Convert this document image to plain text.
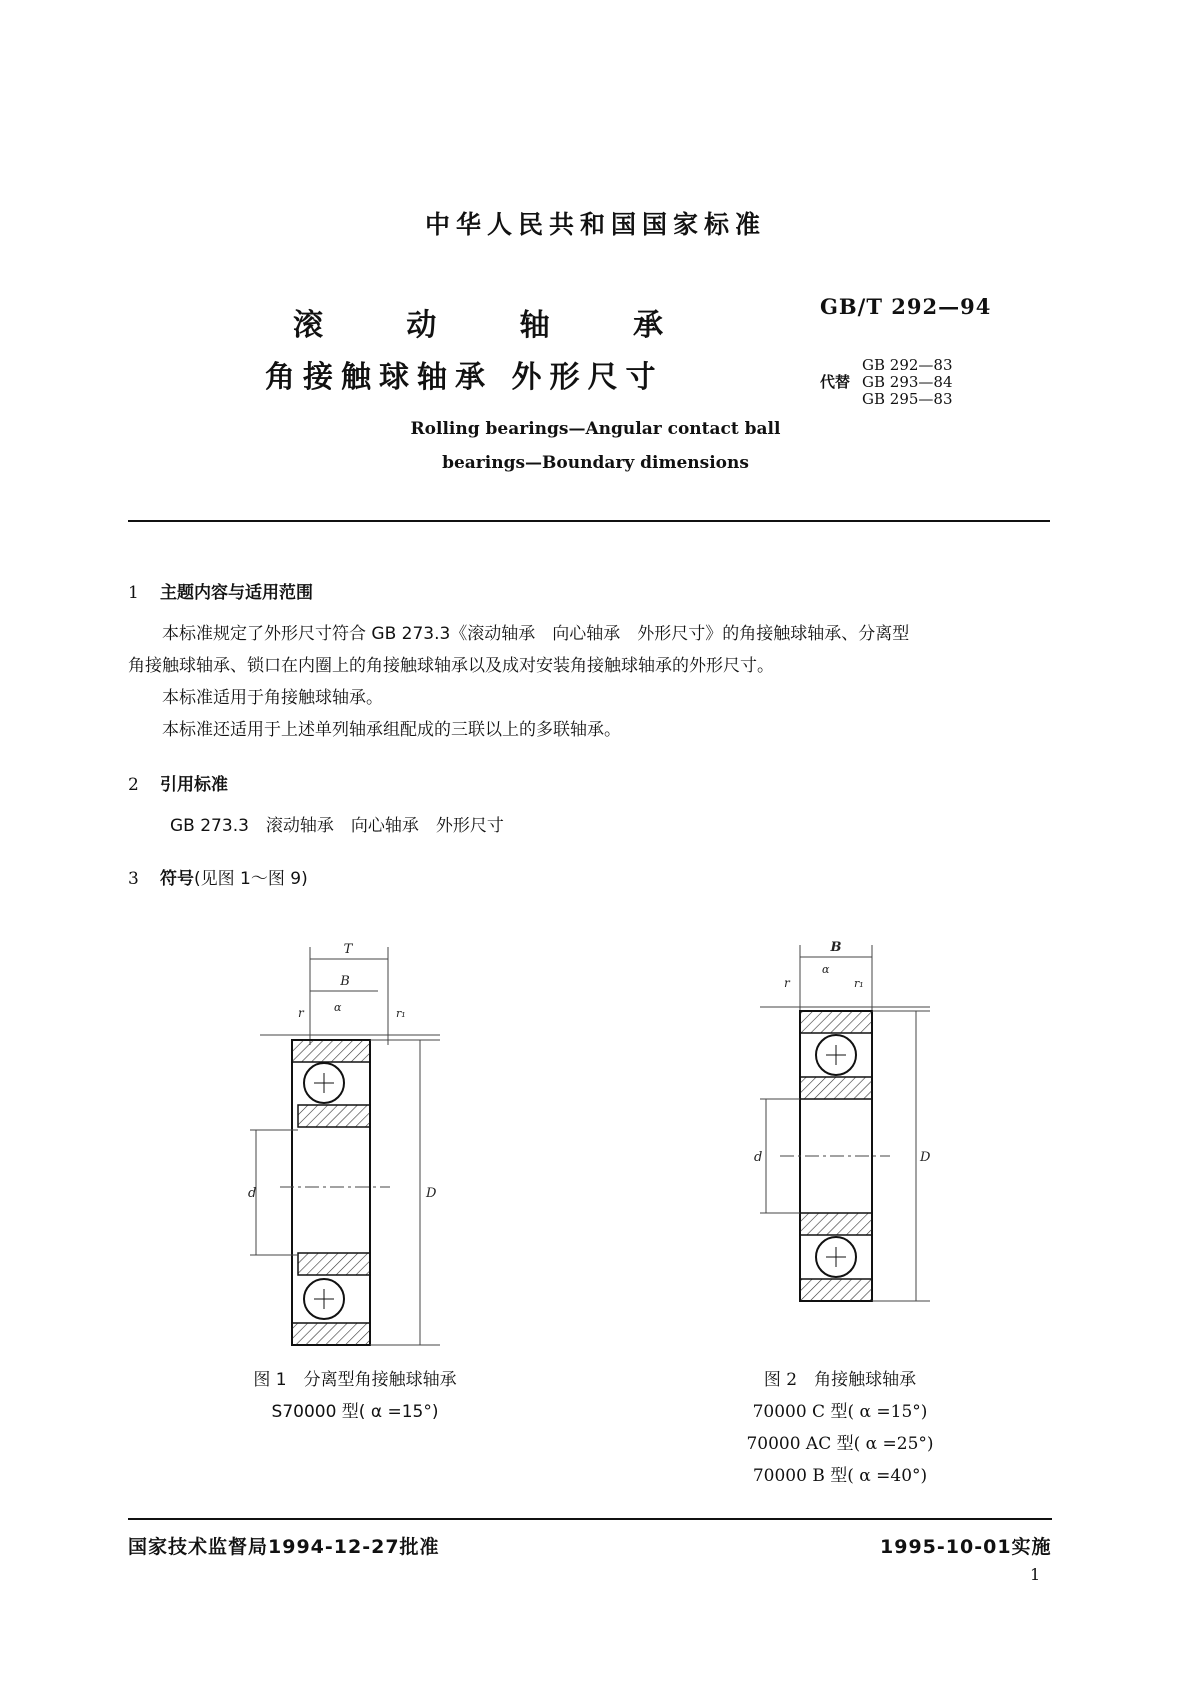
中华人民共和国国家标准
滚	动	轴	承
角接触球轴承 外形尺寸
GB/T 292—94
GB 292—83
代替 GB 293—84
GB 295—83
Rolling bearings—Angular contact ball
bearings—Boundary dimensions
1 主题内容与适用范围
本标准规定了外形尺寸符合 GB 273.3《滚动轴承　向心轴承　外形尺寸》的角接触球轴承、分离型
角接触球轴承、锁口在内圈上的角接触球轴承以及成对安装角接触球轴承的外形尺寸。
本标准适用于角接触球轴承。
本标准还适用于上述单列轴承组配成的三联以上的多联轴承。
2 引用标准
GB 273.3　滚动轴承　向心轴承　外形尺寸
3 符号(见图 1～图 9)
T
B
r	α	r₁
d	D
图 1　分离型角接触球轴承
S70000 型( α =15°)
B
r
α
r₁
d	D
图 2　角接触球轴承
70000 C 型( α =15°)
70000 AC 型( α =25°)
70000 B 型( α =40°)
国家技术监督局1994-12-27批准	1995-10-01实施
1
